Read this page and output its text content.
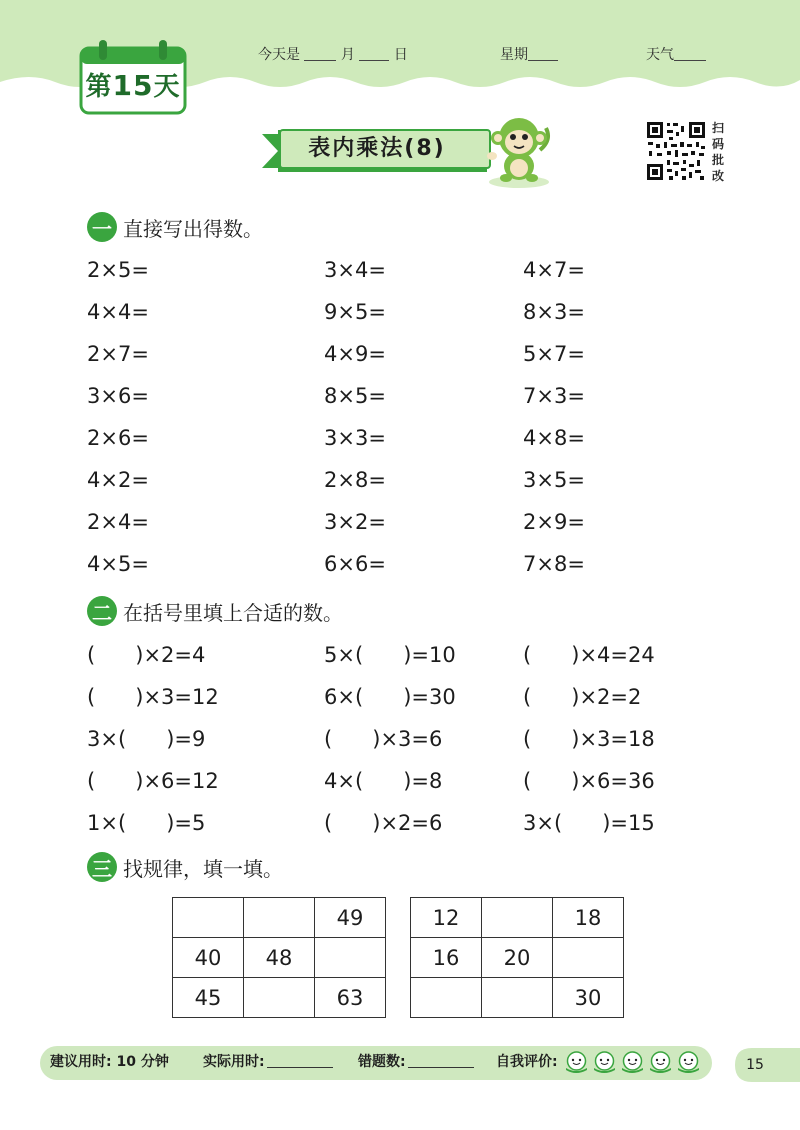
第15天
今天是	月	日	星期	天气
表内乘法(8)
扫
码
批
改
一 直接写出得数。
2×5=	3×4=	4×7=
4×4=	9×5=	8×3=
2×7=	4×9=	5×7=
3×6=	8×5=	7×3=
2×6=	3×3=	4×8=
4×2=	2×8=	3×5=
2×4=	3×2=	2×9=
4×5=	6×6=	7×8=
二 在括号里填上合适的数。
(      )×2=4	5×(      )=10	(      )×4=24
(      )×3=12	6×(      )=30	(      )×2=2
3×(      )=9	(      )×3=6	(      )×3=18
(      )×6=12	4×(      )=8	(      )×6=36
1×(      )=5	(      )×2=6	3×(      )=15
三 找规律，填一填。
		49
40	48	
45		63
12		18
16	20	
		30
建议用时: 10 分钟 实际用时:	错题数:	自我评价:	15
